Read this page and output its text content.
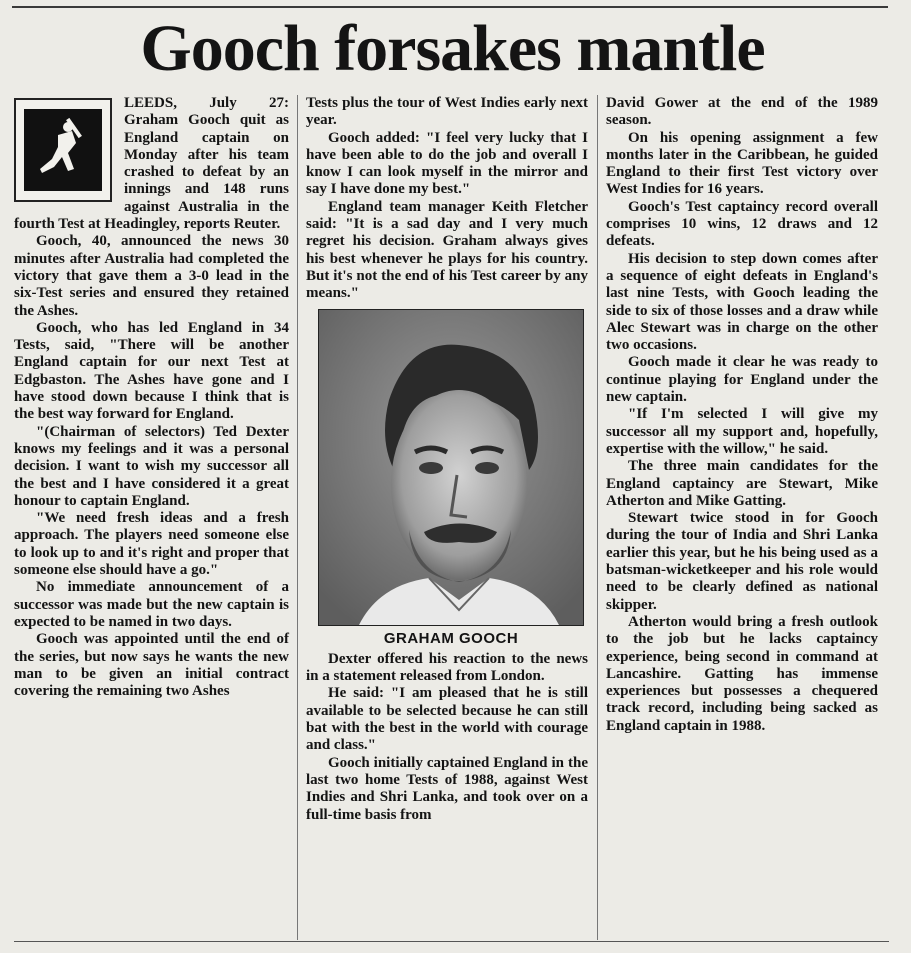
Gooch forsakes mantle

LEEDS, July 27: Graham Gooch quit as England captain on Monday after his team crashed to defeat by an innings and 148 runs against Australia in the fourth Test at Headingley, reports Reuter.

Gooch, 40, announced the news 30 minutes after Australia had completed the victory that gave them a 3-0 lead in the six-Test series and ensured they retained the Ashes.

Gooch, who has led England in 34 Tests, said, "There will be another England captain for our next Test at Edgbaston. The Ashes have gone and I have stood down because I think that is the best way forward for England.

"(Chairman of selectors) Ted Dexter knows my feelings and it was a personal decision. I want to wish my successor all the best and I have considered it a great honour to captain England.

"We need fresh ideas and a fresh approach. The players need someone else to look up to and it's right and proper that someone else should have a go."

No immediate announcement of a successor was made but the new captain is expected to be named in two days.

Gooch was appointed until the end of the series, but now says he wants the new man to be given an initial contract covering the remaining two Ashes

Tests plus the tour of West Indies early next year.

Gooch added: "I feel very lucky that I have been able to do the job and overall I know I can look myself in the mirror and say I have done my best."

England team manager Keith Fletcher said: "It is a sad day and I very much regret his decision. Graham always gives his best whenever he plays for his country. But it's not the end of his Test career by any means."

GRAHAM GOOCH

Dexter offered his reaction to the news in a statement released from London.

He said: "I am pleased that he is still available to be selected because he can still bat with the best in the world with courage and class."

Gooch initially captained England in the last two home Tests of 1988, against West Indies and Shri Lanka, and took over on a full-time basis from

David Gower at the end of the 1989 season.

On his opening assignment a few months later in the Caribbean, he guided England to their first Test victory over West Indies for 16 years.

Gooch's Test captaincy record overall comprises 10 wins, 12 draws and 12 defeats.

His decision to step down comes after a sequence of eight defeats in England's last nine Tests, with Gooch leading the side to six of those losses and a draw while Alec Stewart was in charge on the other two occasions.

Gooch made it clear he was ready to continue playing for England under the new captain.

"If I'm selected I will give my successor all my support and, hopefully, expertise with the willow," he said.

The three main candidates for the England captaincy are Stewart, Mike Atherton and Mike Gatting.

Stewart twice stood in for Gooch during the tour of India and Shri Lanka earlier this year, but he his being used as a batsman-wicketkeeper and his role would need to be clearly defined as national skipper.

Atherton would bring a fresh outlook to the job but he lacks captaincy experience, being second in command at Lancashire. Gatting has immense experiences but possesses a chequered track record, including being sacked as England captain in 1988.
